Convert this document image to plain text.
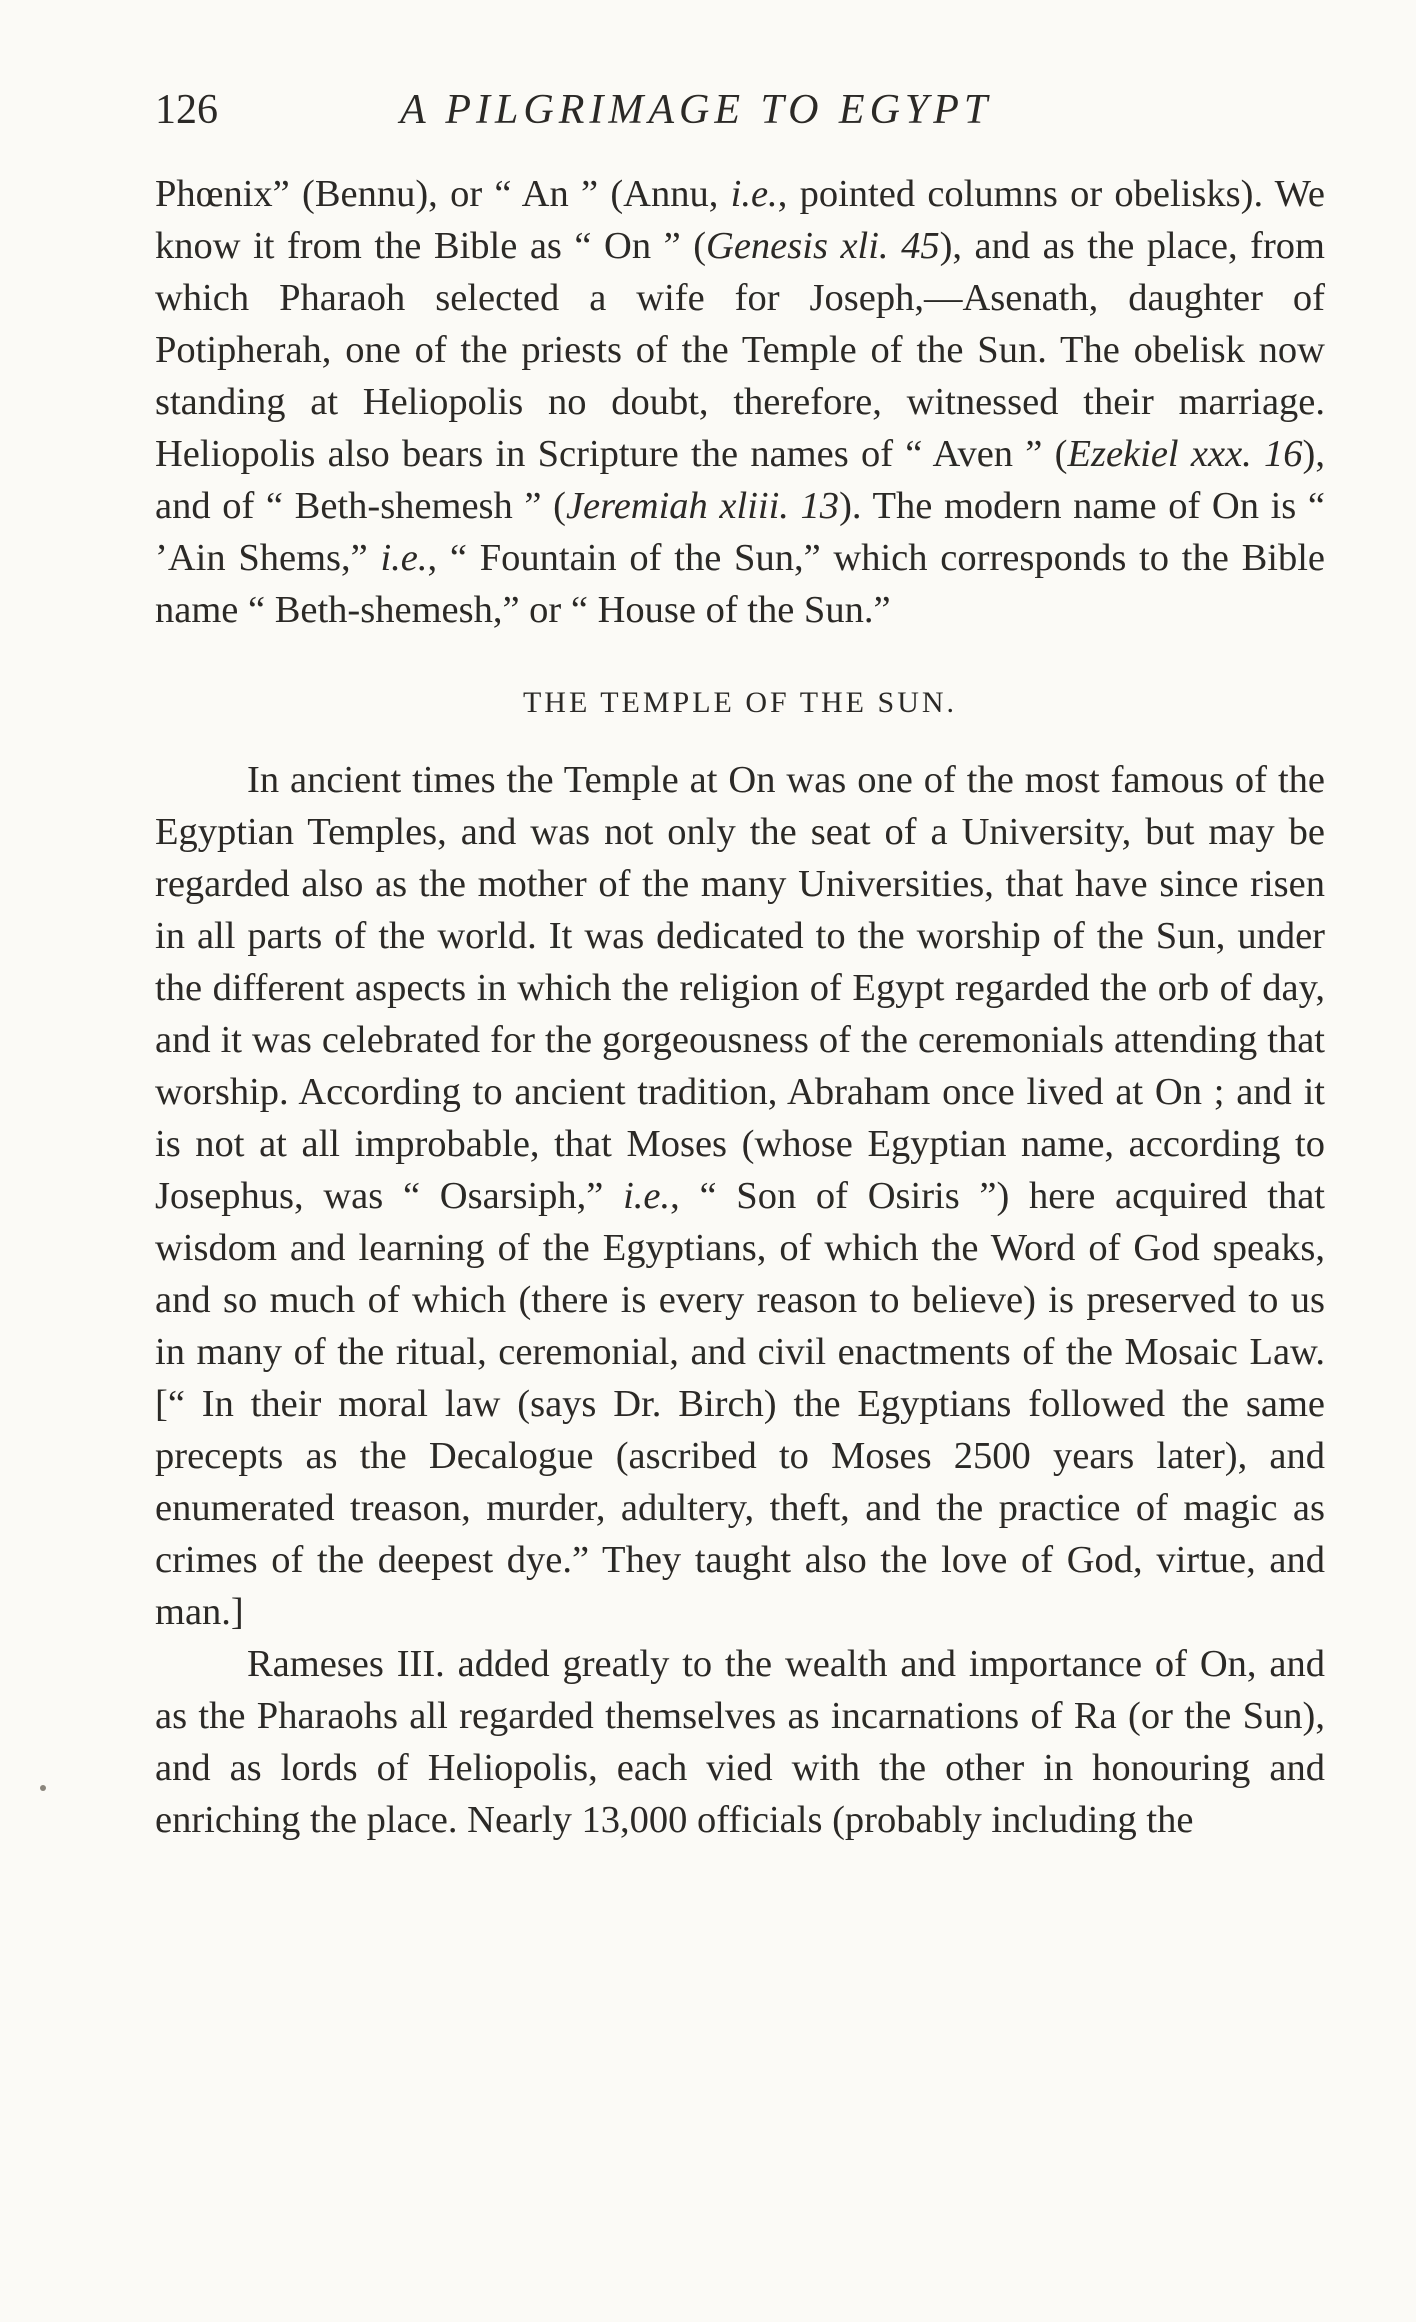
126	A PILGRIMAGE TO EGYPT

Phœnix” (Bennu), or “ An ” (Annu, i.e., pointed columns or obelisks). We know it from the Bible as “ On ” (Genesis xli. 45), and as the place, from which Pharaoh selected a wife for Joseph,—Asenath, daughter of Potipherah, one of the priests of the Temple of the Sun. The obelisk now standing at Heliopolis no doubt, therefore, witnessed their marriage. Heliopolis also bears in Scripture the names of “ Aven ” (Ezekiel xxx. 16), and of “ Beth-shemesh ” (Jeremiah xliii. 13). The modern name of On is “ ’Ain Shems,” i.e., “ Fountain of the Sun,” which corresponds to the Bible name “ Beth-shemesh,” or “ House of the Sun.”

THE TEMPLE OF THE SUN.

In ancient times the Temple at On was one of the most famous of the Egyptian Temples, and was not only the seat of a University, but may be regarded also as the mother of the many Universities, that have since risen in all parts of the world. It was dedicated to the worship of the Sun, under the different aspects in which the religion of Egypt regarded the orb of day, and it was celebrated for the gorgeousness of the ceremonials attending that worship. According to ancient tradition, Abraham once lived at On ; and it is not at all improbable, that Moses (whose Egyptian name, according to Josephus, was “ Osarsiph,” i.e., “ Son of Osiris ”) here acquired that wisdom and learning of the Egyptians, of which the Word of God speaks, and so much of which (there is every reason to believe) is preserved to us in many of the ritual, ceremonial, and civil enactments of the Mosaic Law. [“ In their moral law (says Dr. Birch) the Egyptians followed the same precepts as the Decalogue (ascribed to Moses 2500 years later), and enumerated treason, murder, adultery, theft, and the practice of magic as crimes of the deepest dye.” They taught also the love of God, virtue, and man.]

Rameses III. added greatly to the wealth and importance of On, and as the Pharaohs all regarded themselves as incarnations of Ra (or the Sun), and as lords of Heliopolis, each vied with the other in honouring and enriching the place. Nearly 13,000 officials (probably including the
